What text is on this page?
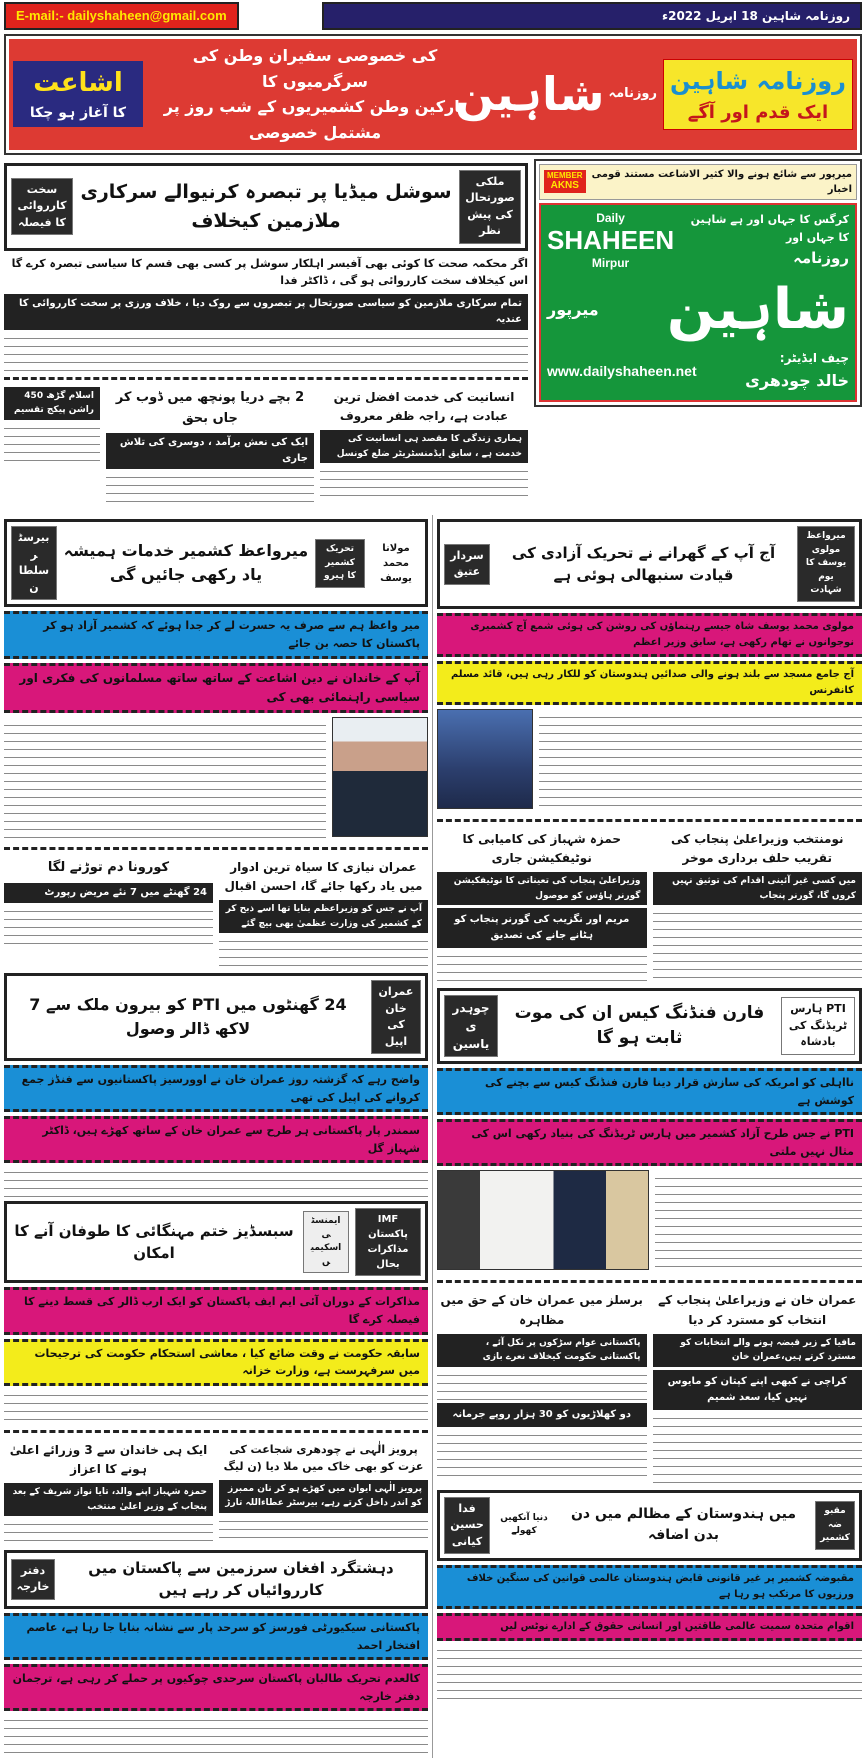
E-mail:- dailyshaheen@gmail.com	روزنامہ شاہین 18 اپریل 2022ء
اشاعت
کا آغاز ہو چکا
کی خصوصی سفیران وطن کی سرگرمیوں کا
تارکین وطن کشمیریوں کے شب روز پر مشتمل خصوصی
روزنامہ
شاہین	روزنامہ شاہین
ایک قدم اور آگے
ملکی صورتحال کی پیش نظر
سوشل میڈیا پر تبصرہ کرنیوالے سرکاری ملازمین کیخلاف
سخت کارروائی کا فیصلہ
اگر محکمہ صحت کا کوئی بھی آفیسر اہلکار سوشل پر کسی بھی قسم کا سیاسی تبصرہ کرے گا اس کیخلاف سخت کارروائی ہو گی ، ڈاکٹر فدا
تمام سرکاری ملازمین کو سیاسی صورتحال پر تبصروں سے روک دیا ، خلاف ورزی پر سخت کارروائی کا عندیہ
اسلام گڑھ 450 راشن پیکج تقسیم
2 بچے دریا پونچھ میں ڈوب کر جاں بحق
ایک کی نعش برآمد ، دوسری کی تلاش جاری
انسانیت کی خدمت افضل ترین عبادت ہے، راجہ ظفر معروف
ہماری زندگی کا مقصد ہی انسانیت کی خدمت ہے ، سابق ایڈمنسٹریٹر ضلع کونسل
MEMBER
AKNS
میرپور سے شائع ہونے والا کثیر الاشاعت مستند قومی اخبار
Daily
SHAHEEN
Mirpur
کرگس کا جہاں اور ہے شاہین کا جہاں اور
روزنامہ
میرپور شاہین
www.dailyshaheen.net
چیف ایڈیٹر:
خالد چودھری
مولانا محمد یوسف
تحریک کشمیر کا ہیرو
میرواعظ کشمیر خدمات ہمیشہ یاد رکھی جائیں گی
بیرسٹر سلطان
میر واعظ ہم سے صرف یہ حسرت لے کر جدا ہوئے کہ کشمیر آزاد ہو کر پاکستان کا حصہ بن جائے
آپ کے خاندان نے دین اشاعت کے ساتھ ساتھ مسلمانوں کی فکری اور سیاسی راہنمائی بھی کی
کورونا دم توڑنے لگا
24 گھنٹے میں 7 نئے مریض رپورٹ
عمران نیازی کا سیاہ ترین ادوار میں یاد رکھا جائے گا، احسن اقبال
آپ نے جس کو وزیراعظم بنایا تھا اسے ذبح کر کے کشمیر کی وزارت عظمیٰ بھی بیچ گئے
عمران خان کی اپیل
24 گھنٹوں میں PTI کو بیرون ملک سے 7 لاکھ ڈالر وصول
واضح رہے کہ گزشتہ روز عمران خان نے اوورسیز پاکستانیوں سے فنڈز جمع کروانے کی اپیل کی تھی
سمندر پار پاکستانی ہر طرح سے عمران خان کے ساتھ کھڑے ہیں، ڈاکٹر شہباز گل
IMF پاکستان مذاکرات بحال
ایمنسٹی اسکیمیں
سبسڈیز ختم مہنگائی کا طوفان آنے کا امکان
مذاکرات کے دوران آئی ایم ایف پاکستان کو ایک ارب ڈالر کی قسط دینے کا فیصلہ کرے گا
سابقہ حکومت نے وقت ضائع کیا ، معاشی استحکام حکومت کی ترجیحات میں سرفہرست ہے، وزارت خزانہ
ایک ہی خاندان سے 3 وزرائے اعلیٰ ہونے کا اعزاز
حمزہ شہباز اپنے والد، تایا نواز شریف کے بعد پنجاب کے وزیر اعلیٰ منتخب
پرویز الٰہی نے چودھری شجاعت کی عزت کو بھی خاک میں ملا دیا (ن لیگ
پرویز الٰہی ایوان میں کھڑے ہو کر نان ممبرز کو اندر داخل کرتے رہے، بیرسٹر عطاءاللہ تارڑ
دہشتگرد افغان سرزمین سے پاکستان میں کارروائیاں کر رہے ہیں
دفتر خارجہ
پاکستانی سیکیورٹی فورسز کو سرحد پار سے نشانہ بنایا جا رہا ہے، عاصم افتخار احمد
کالعدم تحریک طالبان پاکستان سرحدی چوکیوں پر حملے کر رہی ہے، ترجمان دفتر خارجہ
میرواعظ مولوی یوسف کا یوم شہادت
آج آپ کے گھرانے نے تحریک آزادی کی قیادت سنبھالی ہوئی ہے
سردار عتیق
مولوی محمد یوسف شاہ جیسے رہنماؤں کی روشن کی ہوئی شمع آج کشمیری نوجوانوں نے تھام رکھی ہے، سابق وزیر اعظم
آج جامع مسجد سے بلند ہونے والی صدائیں ہندوستان کو للکار رہی ہیں، قائد مسلم کانفرنس
حمزہ شہباز کی کامیابی کا نوٹیفکیشن جاری
وزیراعلیٰ پنجاب کی تعیناتی کا نوٹیفکیشن گورنر ہاؤس کو موصول
مریم اور نگزیب کی گورنر پنجاب کو ہٹانے جانے کی تصدیق
نومنتخب وزیراعلیٰ پنجاب کی تقریب حلف برداری موخر
میں کسی غیر آئینی اقدام کی توثیق نہیں کروں گا، گورنر پنجاب
PTI ہارس ٹریڈنگ کی بادشاہ
فارن فنڈنگ کیس ان کی موت ثابت ہو گا
چوہدری یاسین
نااہلی کو امریکہ کی سازش قرار دینا فارن فنڈنگ کیس سے بچنے کی کوشش ہے
PTI نے جس طرح آزاد کشمیر میں ہارس ٹریڈنگ کی بنیاد رکھی اس کی مثال نہیں ملتی
برسلز میں عمران خان کے حق میں مظاہرہ
پاکستانی عوام سڑکوں پر نکل آئے ، پاکستانی حکومت کیخلاف نعرے بازی
دو کھلاڑیوں کو 30 ہزار روپے جرمانہ
عمران خان نے وزیراعلیٰ پنجاب کے انتخاب کو مسترد کر دیا
مافیا کے زیر قبضہ ہونے والے انتخابات کو مسترد کرتے ہیں،عمران خان
کراچی نے کبھی اپنے کپتان کو مایوس نہیں کیا، سعد شمیم
مقبوضہ کشمیر
میں ہندوستان کے مظالم میں دن بدن اضافہ
دنیا آنکھیں کھولے
فدا حسین کیانی
مقبوضہ کشمیر پر غیر قانونی قابض ہندوستان عالمی قوانین کی سنگین خلاف ورزیوں کا مرتکب ہو رہا ہے
اقوام متحدہ سمیت عالمی طاقتیں اور انسانی حقوق کے ادارے نوٹس لیں
